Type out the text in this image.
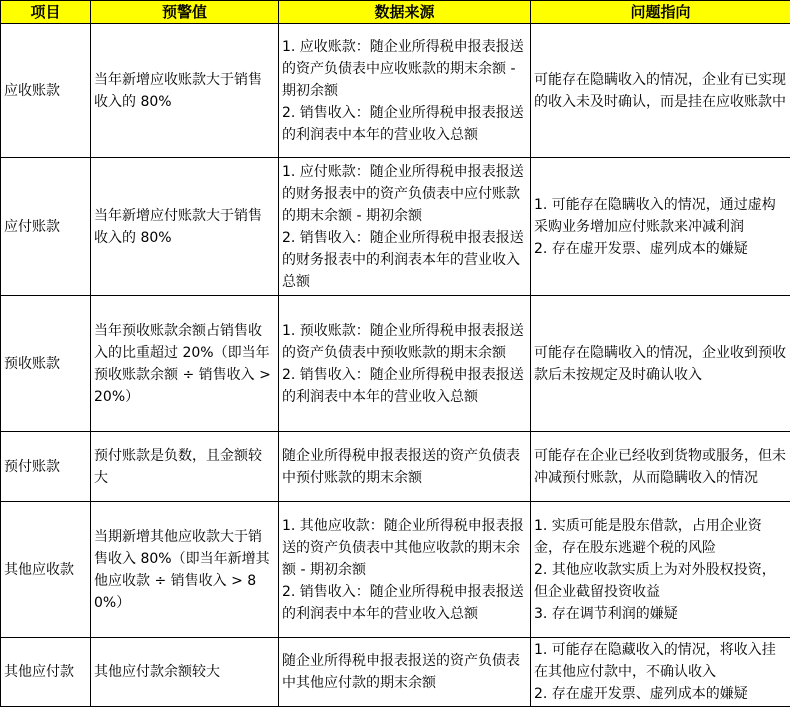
项目	预警值	数据来源	问题指向
应收账款	当年新增应收账款大于销售收入的 80%	1. 应收账款：随企业所得税申报表报送的资产负债表中应收账款的期末余额 - 期初余额
2. 销售收入：随企业所得税申报表报送的利润表中本年的营业收入总额	可能存在隐瞒收入的情况，企业有已实现的收入未及时确认，而是挂在应收账款中

应付账款	当年新增应付账款大于销售收入的 80%	1. 应付账款：随企业所得税申报表报送的财务报表中的资产负债表中应付账款的期末余额 - 期初余额
2. 销售收入：随企业所得税申报表报送的财务报表中的利润表本年的营业收入总额	1. 可能存在隐瞒收入的情况，通过虚构采购业务增加应付账款来冲减利润
2. 存在虚开发票、虚列成本的嫌疑

预收账款	当年预收账款余额占销售收入的比重超过 20%（即当年预收账款余额 ÷ 销售收入 > 20%）	1. 预收账款：随企业所得税申报表报送的资产负债表中预收账款的期末余额
2. 销售收入：随企业所得税申报表报送的利润表中本年的营业收入总额	可能存在隐瞒收入的情况，企业收到预收款后未按规定及时确认收入

预付账款	预付账款是负数，且金额较大	随企业所得税申报表报送的资产负债表中预付账款的期末余额	可能存在企业已经收到货物或服务，但未冲减预付账款，从而隐瞒收入的情况

其他应收款	当期新增其他应收款大于销售收入 80%（即当年新增其他应收款 ÷ 销售收入 > 80%）	1. 其他应收款：随企业所得税申报表报送的资产负债表中其他应收款的期末余额 - 期初余额
2. 销售收入：随企业所得税申报表报送的利润表中本年的营业收入总额	1. 实质可能是股东借款，占用企业资金，存在股东逃避个税的风险
2. 其他应收款实质上为对外股权投资，但企业截留投资收益
3. 存在调节利润的嫌疑

其他应付款	其他应付款余额较大	随企业所得税申报表报送的资产负债表中其他应付款的期末余额	1. 可能存在隐藏收入的情况，将收入挂在其他应付款中，不确认收入
2. 存在虚开发票、虚列成本的嫌疑
